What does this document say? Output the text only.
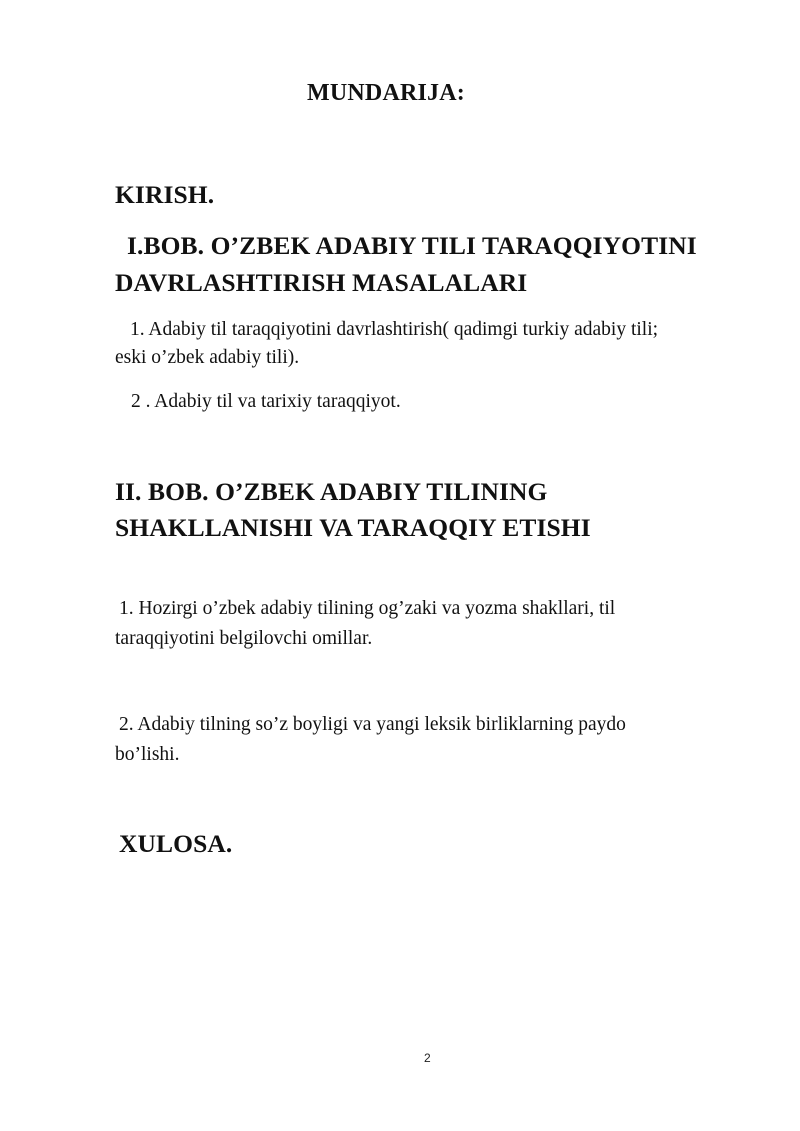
MUNDARIJA:
KIRISH.
I.BOB. O’ZBEK ADABIY TILI TARAQQIYOTINI
DAVRLASHTIRISH MASALALARI
1. Adabiy til taraqqiyotini davrlashtirish( qadimgi turkiy adabiy tili;
eski o’zbek adabiy tili).
2 . Adabiy til va tarixiy taraqqiyot.
II. BOB. O’ZBEK ADABIY TILINING
SHAKLLANISHI VA TARAQQIY ETISHI
1. Hozirgi o’zbek adabiy tilining og’zaki va yozma shakllari, til
taraqqiyotini belgilovchi omillar.
2. Adabiy tilning so’z boyligi va yangi leksik birliklarning paydo
bo’lishi.
XULOSA.
2
